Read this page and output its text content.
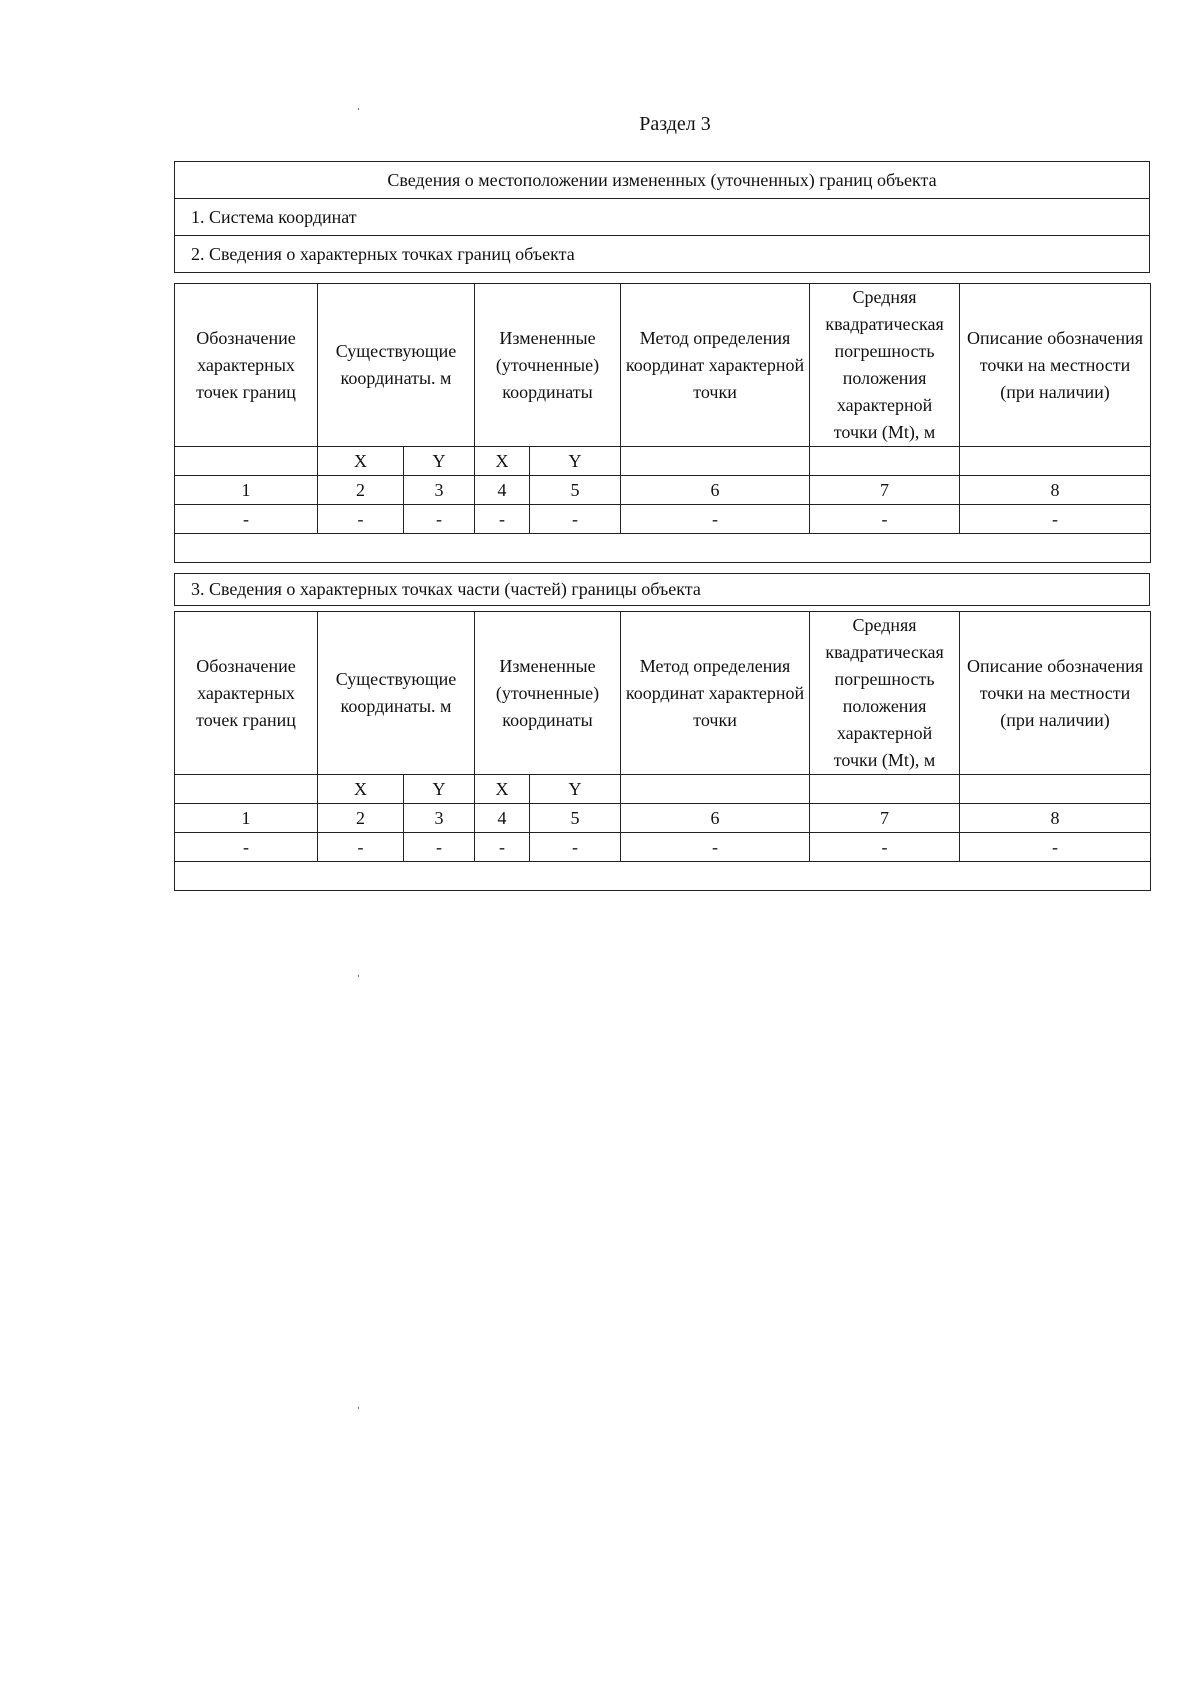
Раздел 3
ˌ
Сведения о местоположении измененных (уточненных) границ объекта
1. Система координат
2. Сведения о характерных точках границ объекта
Обозначение характерных точек границ	Существующие координаты. м		Измененные (уточненные) координаты		Метод определения координат характерной точки	Средняя квадратическая погрешность положения характерной точки (Mt), м	Описание обозначения точки на местности (при наличии)
	X	Y	X	Y			
1	2	3	4	5	6	7	8
-	-	-	-	-	-	-	-

3. Сведения о характерных точках части (частей) границы объекта
Обозначение характерных точек границ	Существующие координаты. м		Измененные (уточненные) координаты		Метод определения координат характерной точки	Средняя квадратическая погрешность положения характерной точки (Mt), м	Описание обозначения точки на местности (при наличии)
	X	Y	X	Y			
1	2	3	4	5	6	7	8
-	-	-	-	-	-	-	-

ˌ
ˌ
